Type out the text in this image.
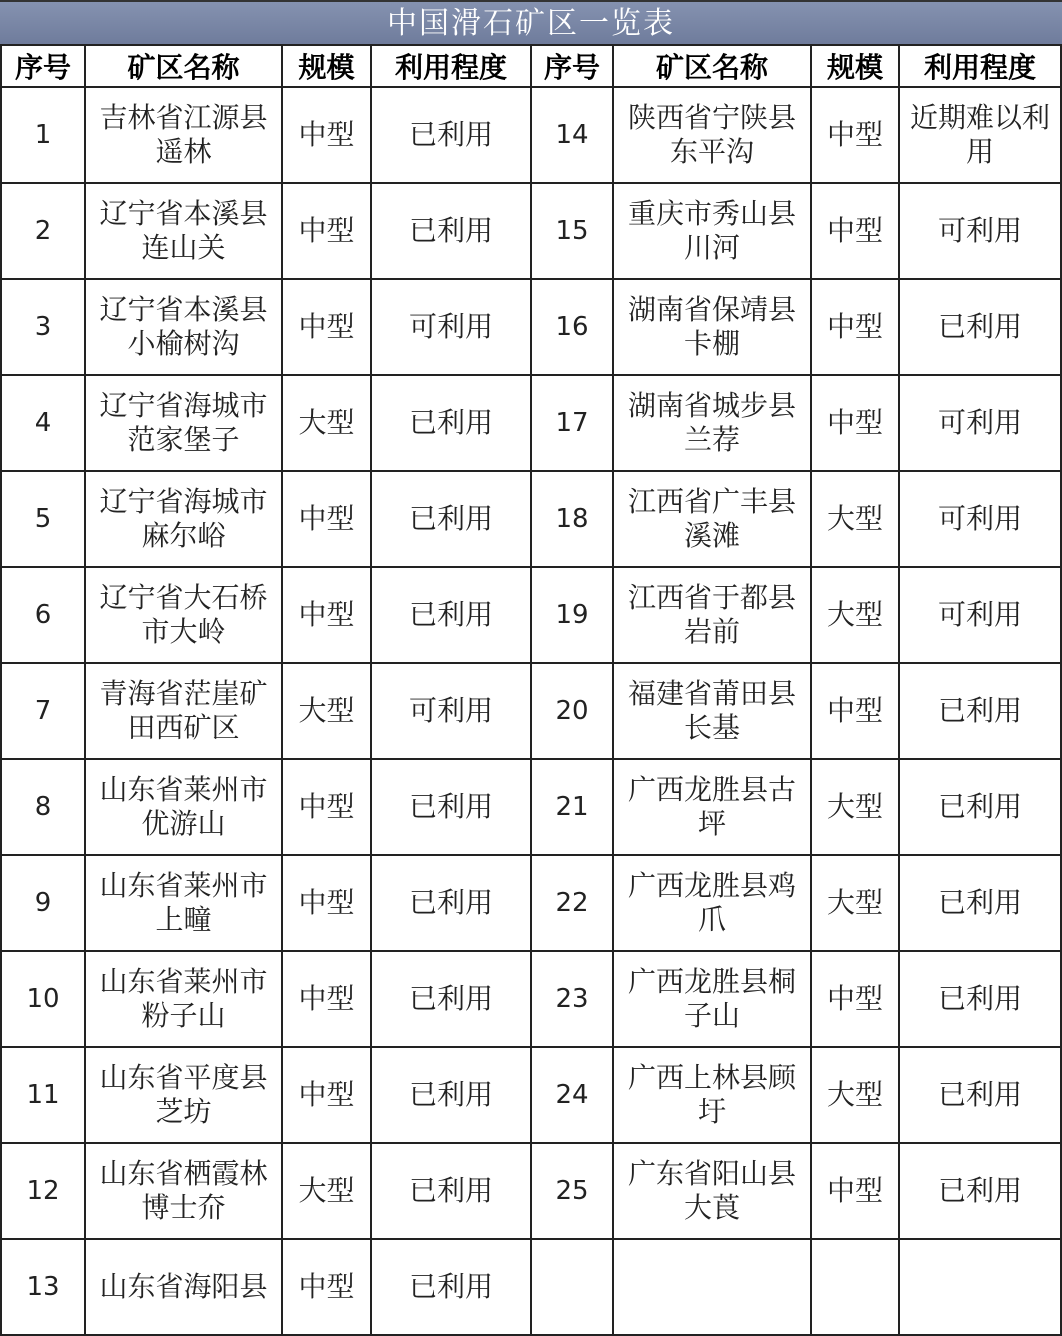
中国滑石矿区一览表
序号	矿区名称	规模	利用程度	序号	矿区名称	规模	利用程度
1	吉林省江源县遥林	中型	已利用	14	陕西省宁陕县东平沟	中型	近期难以利用
2	辽宁省本溪县连山关	中型	已利用	15	重庆市秀山县川河	中型	可利用
3	辽宁省本溪县小榆树沟	中型	可利用	16	湖南省保靖县卡棚	中型	已利用
4	辽宁省海城市范家堡子	大型	已利用	17	湖南省城步县兰荐	中型	可利用
5	辽宁省海城市麻尔峪	中型	已利用	18	江西省广丰县溪滩	大型	可利用
6	辽宁省大石桥市大岭	中型	已利用	19	江西省于都县岩前	大型	可利用
7	青海省茫崖矿田西矿区	大型	可利用	20	福建省莆田县长基	中型	已利用
8	山东省莱州市优游山	中型	已利用	21	广西龙胜县古坪	大型	已利用
9	山东省莱州市上疃	中型	已利用	22	广西龙胜县鸡爪	大型	已利用
10	山东省莱州市粉子山	中型	已利用	23	广西龙胜县桐子山	中型	已利用
11	山东省平度县芝坊	中型	已利用	24	广西上林县顾圩	大型	已利用
12	山东省栖霞林博士夼	大型	已利用	25	广东省阳山县大莨	中型	已利用
13	山东省海阳县	中型	已利用				
